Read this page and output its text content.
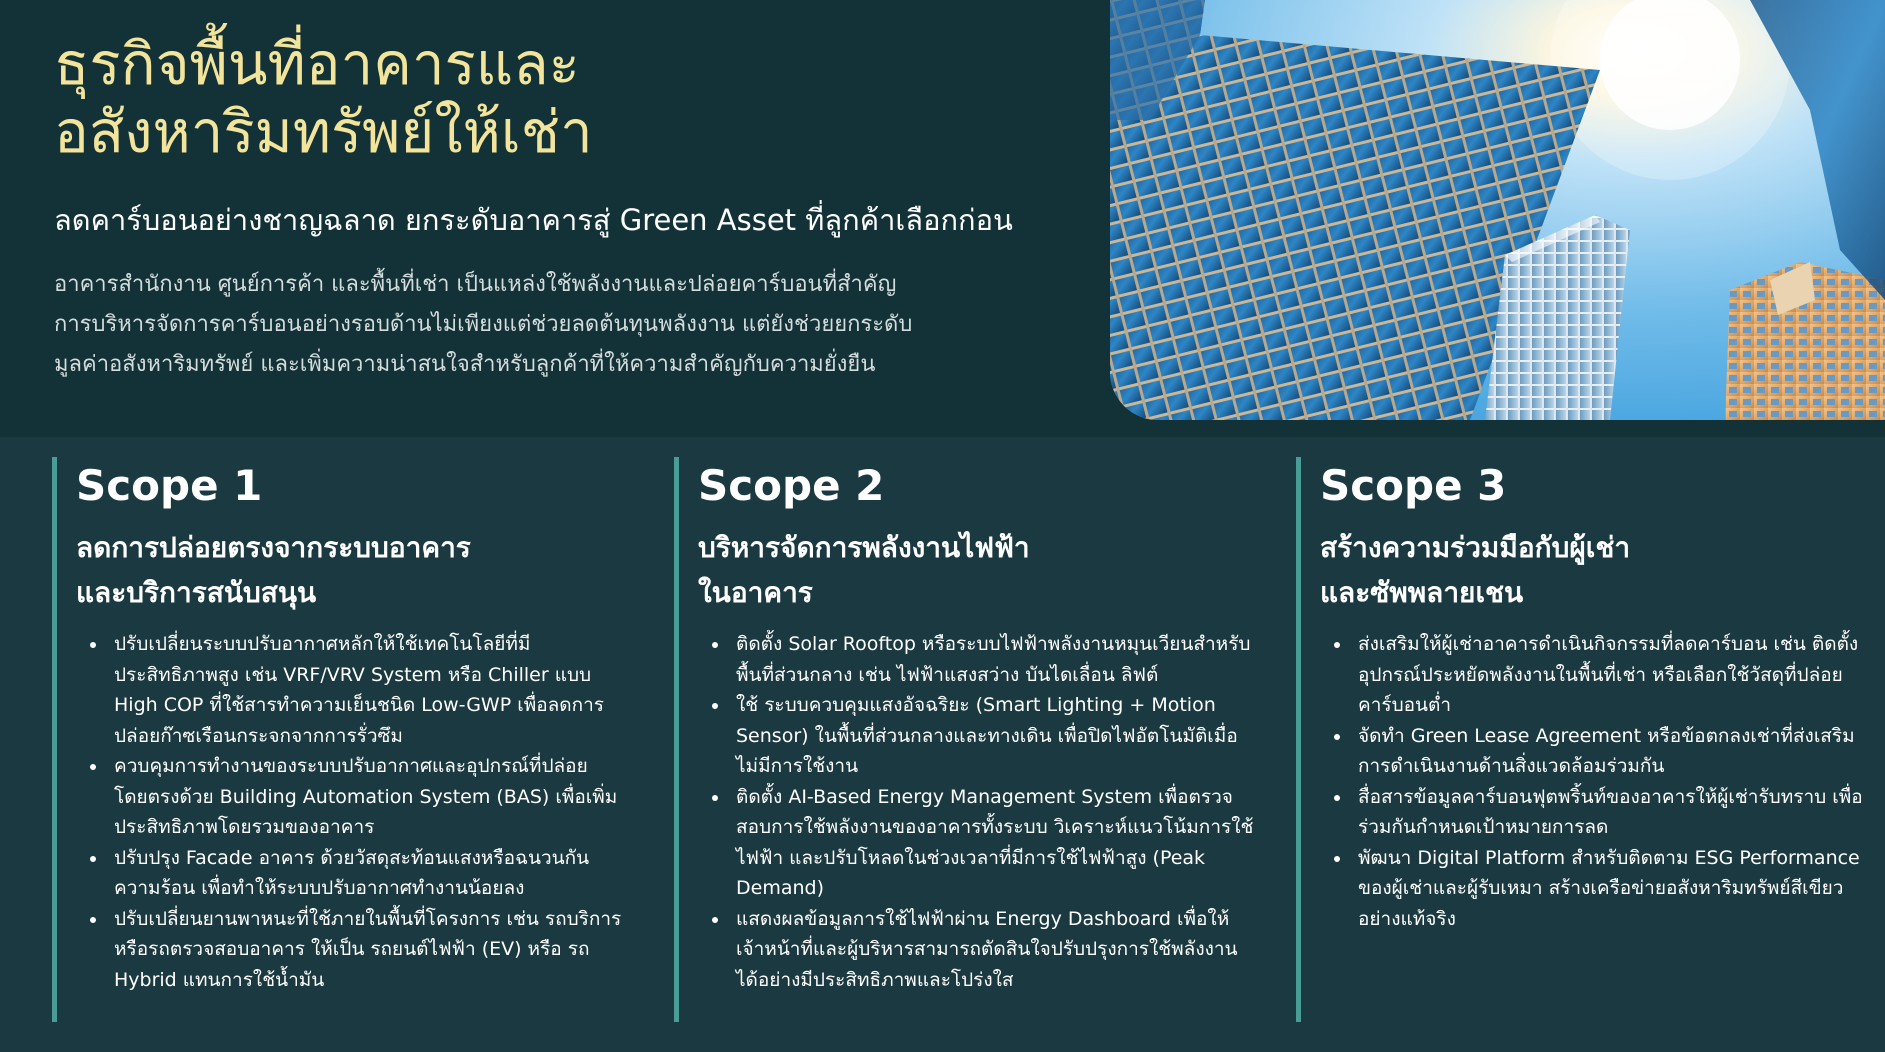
ธุรกิจพื้นที่อาคารและ
อสังหาริมทรัพย์ให้เช่า

ลดคาร์บอนอย่างชาญฉลาด ยกระดับอาคารสู่ Green Asset ที่ลูกค้าเลือกก่อน

อาคารสำนักงาน ศูนย์การค้า และพื้นที่เช่า เป็นแหล่งใช้พลังงานและปล่อยคาร์บอนที่สำคัญ
การบริหารจัดการคาร์บอนอย่างรอบด้านไม่เพียงแต่ช่วยลดต้นทุนพลังงาน แต่ยังช่วยยกระดับ
มูลค่าอสังหาริมทรัพย์ และเพิ่มความน่าสนใจสำหรับลูกค้าที่ให้ความสำคัญกับความยั่งยืน

Scope 1
ลดการปล่อยตรงจากระบบอาคาร
และบริการสนับสนุน
ปรับเปลี่ยนระบบปรับอากาศหลักให้ใช้เทคโนโลยีที่มีประสิทธิภาพสูง เช่น VRF/VRV System หรือ Chiller แบบ High COP ที่ใช้สารทำความเย็นชนิด Low-GWP เพื่อลดการปล่อยก๊าซเรือนกระจกจากการรั่วซึม
ควบคุมการทำงานของระบบปรับอากาศและอุปกรณ์ที่ปล่อยโดยตรงด้วย Building Automation System (BAS) เพื่อเพิ่มประสิทธิภาพโดยรวมของอาคาร
ปรับปรุง Facade อาคาร ด้วยวัสดุสะท้อนแสงหรือฉนวนกันความร้อน เพื่อทำให้ระบบปรับอากาศทำงานน้อยลง
ปรับเปลี่ยนยานพาหนะที่ใช้ภายในพื้นที่โครงการ เช่น รถบริการหรือรถตรวจสอบอาคาร ให้เป็น รถยนต์ไฟฟ้า (EV) หรือ รถ Hybrid แทนการใช้น้ำมัน
Scope 2
บริหารจัดการพลังงานไฟฟ้า
ในอาคาร
ติดตั้ง Solar Rooftop หรือระบบไฟฟ้าพลังงานหมุนเวียนสำหรับพื้นที่ส่วนกลาง เช่น ไฟฟ้าแสงสว่าง บันไดเลื่อน ลิฟต์
ใช้ ระบบควบคุมแสงอัจฉริยะ (Smart Lighting + Motion Sensor) ในพื้นที่ส่วนกลางและทางเดิน เพื่อปิดไฟอัตโนมัติเมื่อไม่มีการใช้งาน
ติดตั้ง AI-Based Energy Management System เพื่อตรวจสอบการใช้พลังงานของอาคารทั้งระบบ วิเคราะห์แนวโน้มการใช้ไฟฟ้า และปรับโหลดในช่วงเวลาที่มีการใช้ไฟฟ้าสูง (Peak Demand)
แสดงผลข้อมูลการใช้ไฟฟ้าผ่าน Energy Dashboard เพื่อให้เจ้าหน้าที่และผู้บริหารสามารถตัดสินใจปรับปรุงการใช้พลังงานได้อย่างมีประสิทธิภาพและโปร่งใส
Scope 3
สร้างความร่วมมือกับผู้เช่า
และซัพพลายเชน
ส่งเสริมให้ผู้เช่าอาคารดำเนินกิจกรรมที่ลดคาร์บอน เช่น ติดตั้งอุปกรณ์ประหยัดพลังงานในพื้นที่เช่า หรือเลือกใช้วัสดุที่ปล่อยคาร์บอนต่ำ
จัดทำ Green Lease Agreement หรือข้อตกลงเช่าที่ส่งเสริมการดำเนินงานด้านสิ่งแวดล้อมร่วมกัน
สื่อสารข้อมูลคาร์บอนฟุตพริ้นท์ของอาคารให้ผู้เช่ารับทราบ เพื่อร่วมกันกำหนดเป้าหมายการลด
พัฒนา Digital Platform สำหรับติดตาม ESG Performance ของผู้เช่าและผู้รับเหมา สร้างเครือข่ายอสังหาริมทรัพย์สีเขียวอย่างแท้จริง
